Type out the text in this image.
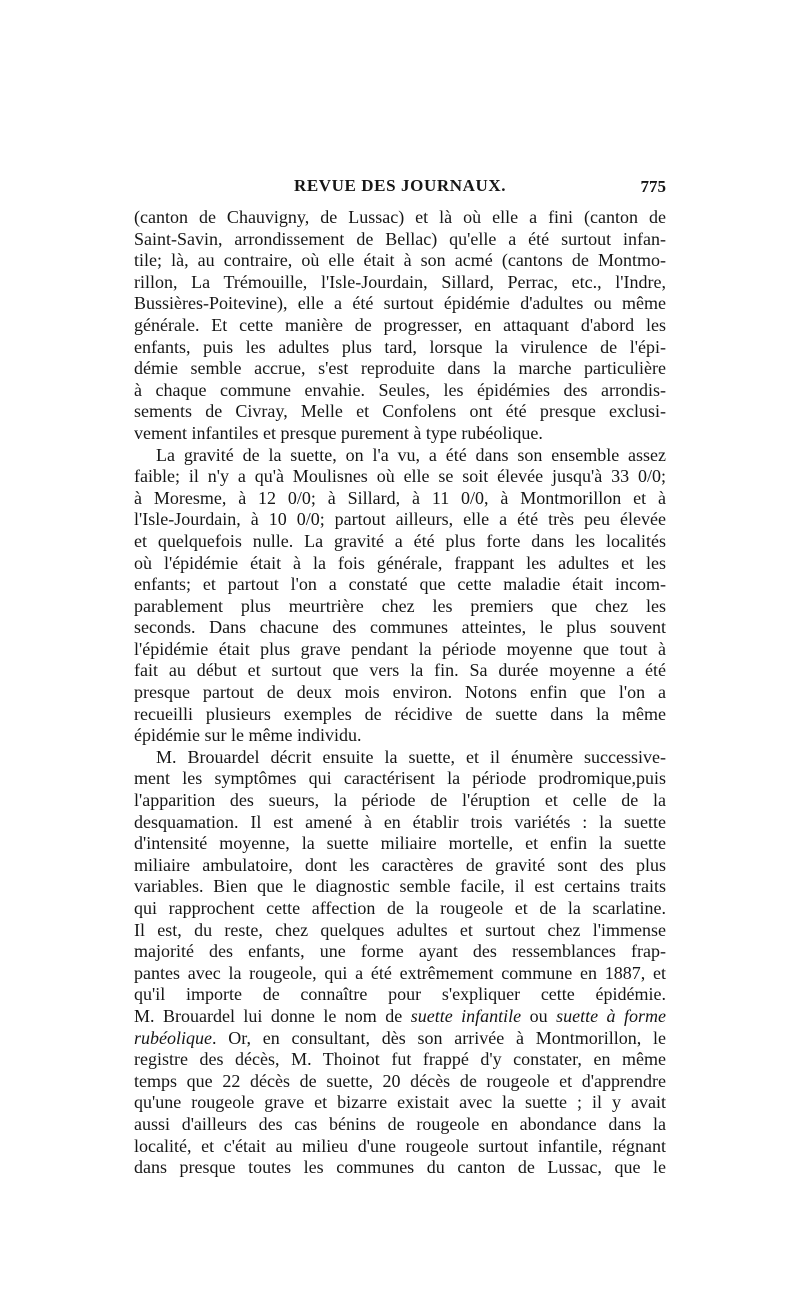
REVUE DES JOURNAUX.	775
(canton de Chauvigny, de Lussac) et là où elle a fini (canton de
Saint-Savin, arrondissement de Bellac) qu'elle a été surtout infan-
tile; là, au contraire, où elle était à son acmé (cantons de Montmo-
rillon, La Trémouille, l'Isle-Jourdain, Sillard, Perrac, etc., l'Indre,
Bussières-Poitevine), elle a été surtout épidémie d'adultes ou même
générale. Et cette manière de progresser, en attaquant d'abord les
enfants, puis les adultes plus tard, lorsque la virulence de l'épi-
démie semble accrue, s'est reproduite dans la marche particulière
à chaque commune envahie. Seules, les épidémies des arrondis-
sements de Civray, Melle et Confolens ont été presque exclusi-
vement infantiles et presque purement à type rubéolique.
La gravité de la suette, on l'a vu, a été dans son ensemble assez
faible; il n'y a qu'à Moulisnes où elle se soit élevée jusqu'à 33 0/0;
à Moresme, à 12 0/0; à Sillard, à 11 0/0, à Montmorillon et à
l'Isle-Jourdain, à 10 0/0; partout ailleurs, elle a été très peu élevée
et quelquefois nulle. La gravité a été plus forte dans les localités
où l'épidémie était à la fois générale, frappant les adultes et les
enfants; et partout l'on a constaté que cette maladie était incom-
parablement plus meurtrière chez les premiers que chez les
seconds. Dans chacune des communes atteintes, le plus souvent
l'épidémie était plus grave pendant la période moyenne que tout à
fait au début et surtout que vers la fin. Sa durée moyenne a été
presque partout de deux mois environ. Notons enfin que l'on a
recueilli plusieurs exemples de récidive de suette dans la même
épidémie sur le même individu.
M. Brouardel décrit ensuite la suette, et il énumère successive-
ment les symptômes qui caractérisent la période prodromique,puis
l'apparition des sueurs, la période de l'éruption et celle de la
desquamation. Il est amené à en établir trois variétés : la suette
d'intensité moyenne, la suette miliaire mortelle, et enfin la suette
miliaire ambulatoire, dont les caractères de gravité sont des plus
variables. Bien que le diagnostic semble facile, il est certains traits
qui rapprochent cette affection de la rougeole et de la scarlatine.
Il est, du reste, chez quelques adultes et surtout chez l'immense
majorité des enfants, une forme ayant des ressemblances frap-
pantes avec la rougeole, qui a été extrêmement commune en 1887, et
qu'il importe de connaître pour s'expliquer cette épidémie.
M. Brouardel lui donne le nom de suette infantile ou suette à forme
rubéolique. Or, en consultant, dès son arrivée à Montmorillon, le
registre des décès, M. Thoinot fut frappé d'y constater, en même
temps que 22 décès de suette, 20 décès de rougeole et d'apprendre
qu'une rougeole grave et bizarre existait avec la suette ; il y avait
aussi d'ailleurs des cas bénins de rougeole en abondance dans la
localité, et c'était au milieu d'une rougeole surtout infantile, régnant
dans presque toutes les communes du canton de Lussac, que le
